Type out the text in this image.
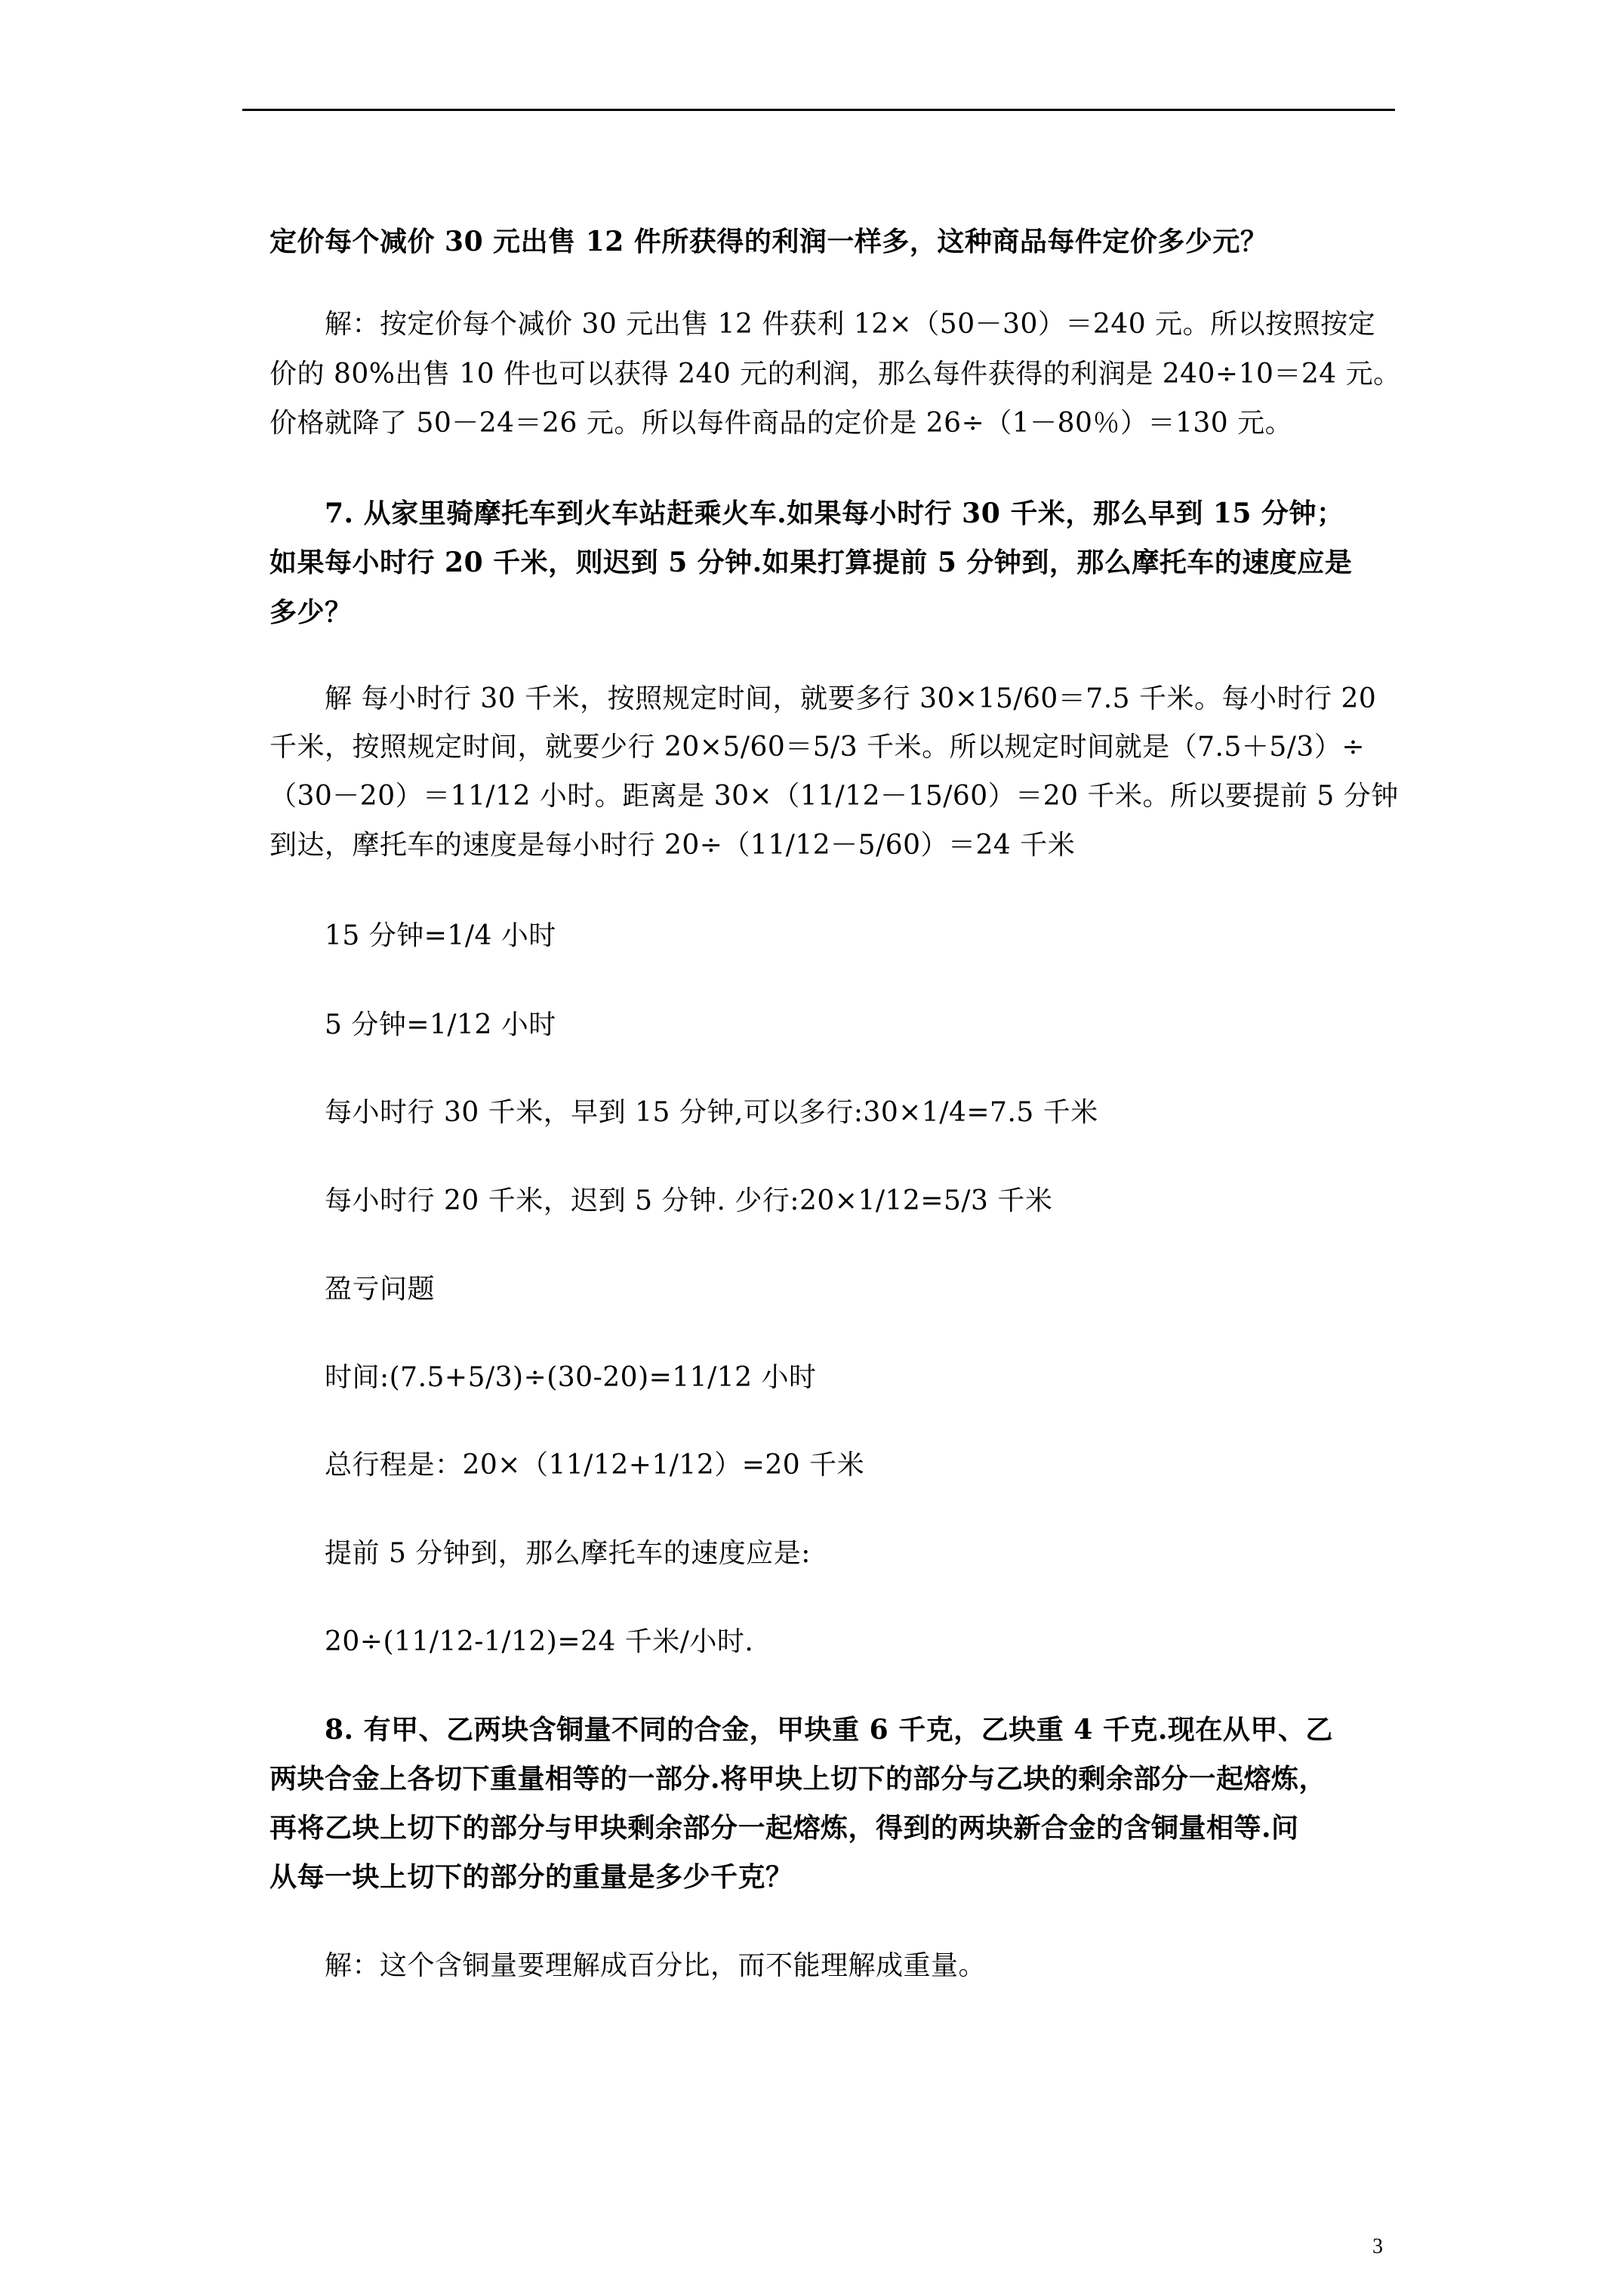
定价每个减价 30 元出售 12 件所获得的利润一样多，这种商品每件定价多少元？
解：按定价每个减价 30 元出售 12 件获利 12×（50－30）＝240 元。所以按照按定
价的 80%出售 10 件也可以获得 240 元的利润，那么每件获得的利润是 240÷10＝24 元。
价格就降了 50－24＝26 元。所以每件商品的定价是 26÷（1－80％）＝130 元。
7. 从家里骑摩托车到火车站赶乘火车.如果每小时行 30 千米，那么早到 15 分钟；
如果每小时行 20 千米，则迟到 5 分钟.如果打算提前 5 分钟到，那么摩托车的速度应是
多少？
解 每小时行 30 千米，按照规定时间，就要多行 30×15/60＝7.5 千米。每小时行 20
千米，按照规定时间，就要少行 20×5/60＝5/3 千米。所以规定时间就是（7.5＋5/3）÷
（30－20）＝11/12 小时。距离是 30×（11/12－15/60）＝20 千米。所以要提前 5 分钟
到达，摩托车的速度是每小时行 20÷（11/12－5/60）＝24 千米
15 分钟=1/4 小时
5 分钟=1/12 小时
每小时行 30 千米，早到 15 分钟,可以多行:30×1/4=7.5 千米
每小时行 20 千米，迟到 5 分钟. 少行:20×1/12=5/3 千米
盈亏问题
时间:(7.5+5/3)÷(30-20)=11/12 小时
总行程是：20×（11/12+1/12）=20 千米
提前 5 分钟到，那么摩托车的速度应是:
20÷(11/12-1/12)=24 千米/小时.
8. 有甲、乙两块含铜量不同的合金，甲块重 6 千克，乙块重 4 千克.现在从甲、乙
两块合金上各切下重量相等的一部分.将甲块上切下的部分与乙块的剩余部分一起熔炼，
再将乙块上切下的部分与甲块剩余部分一起熔炼，得到的两块新合金的含铜量相等.问
从每一块上切下的部分的重量是多少千克？
解：这个含铜量要理解成百分比，而不能理解成重量。
3
